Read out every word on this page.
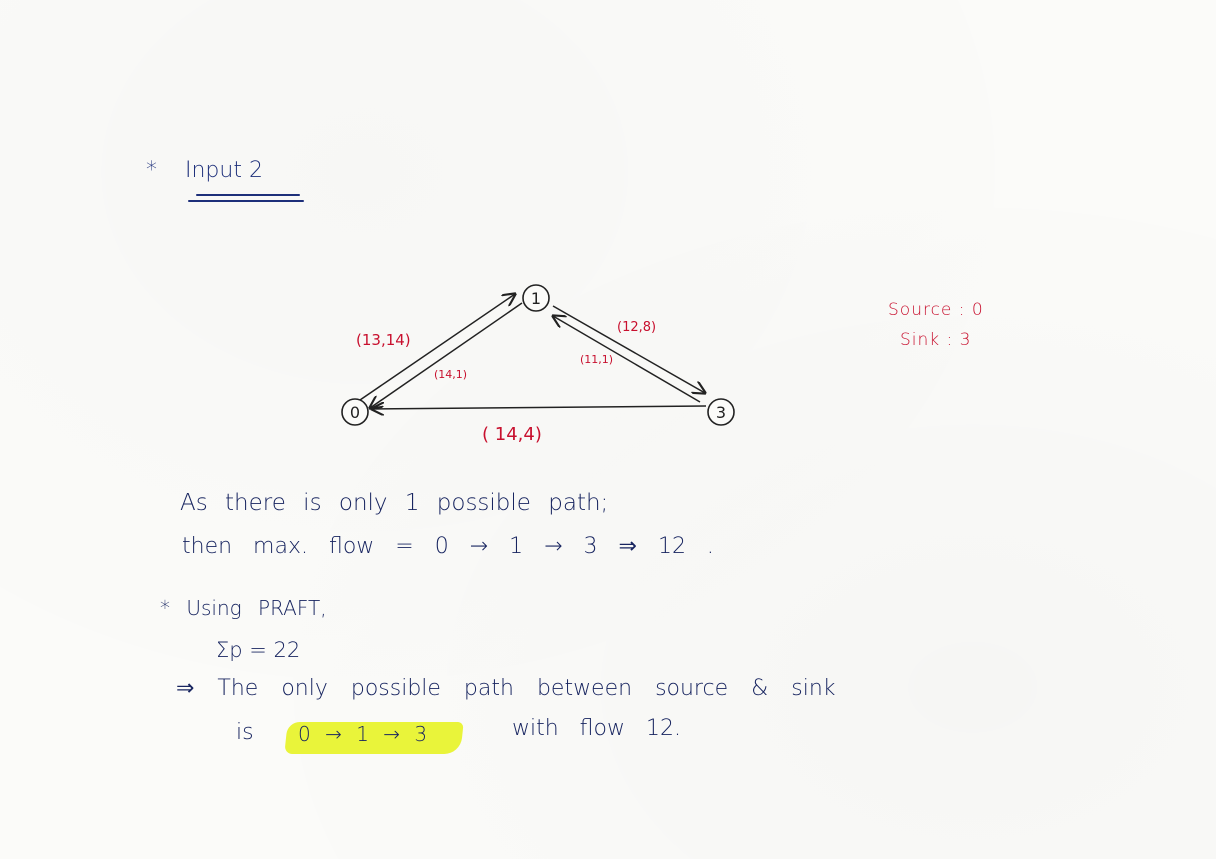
* Input 2
0
1
3
(13,14)
(14,1)
(12,8)
(11,1)
( 14,4)
Source : 0
Sink : 3
As there is only 1 possible path;
then max. flow = 0 → 1 → 3 ⇒ 12 .
* Using PRAFT,
Σp = 22
⇒ The only possible path between source & sink
is 0 → 1 → 3	with flow 12.
